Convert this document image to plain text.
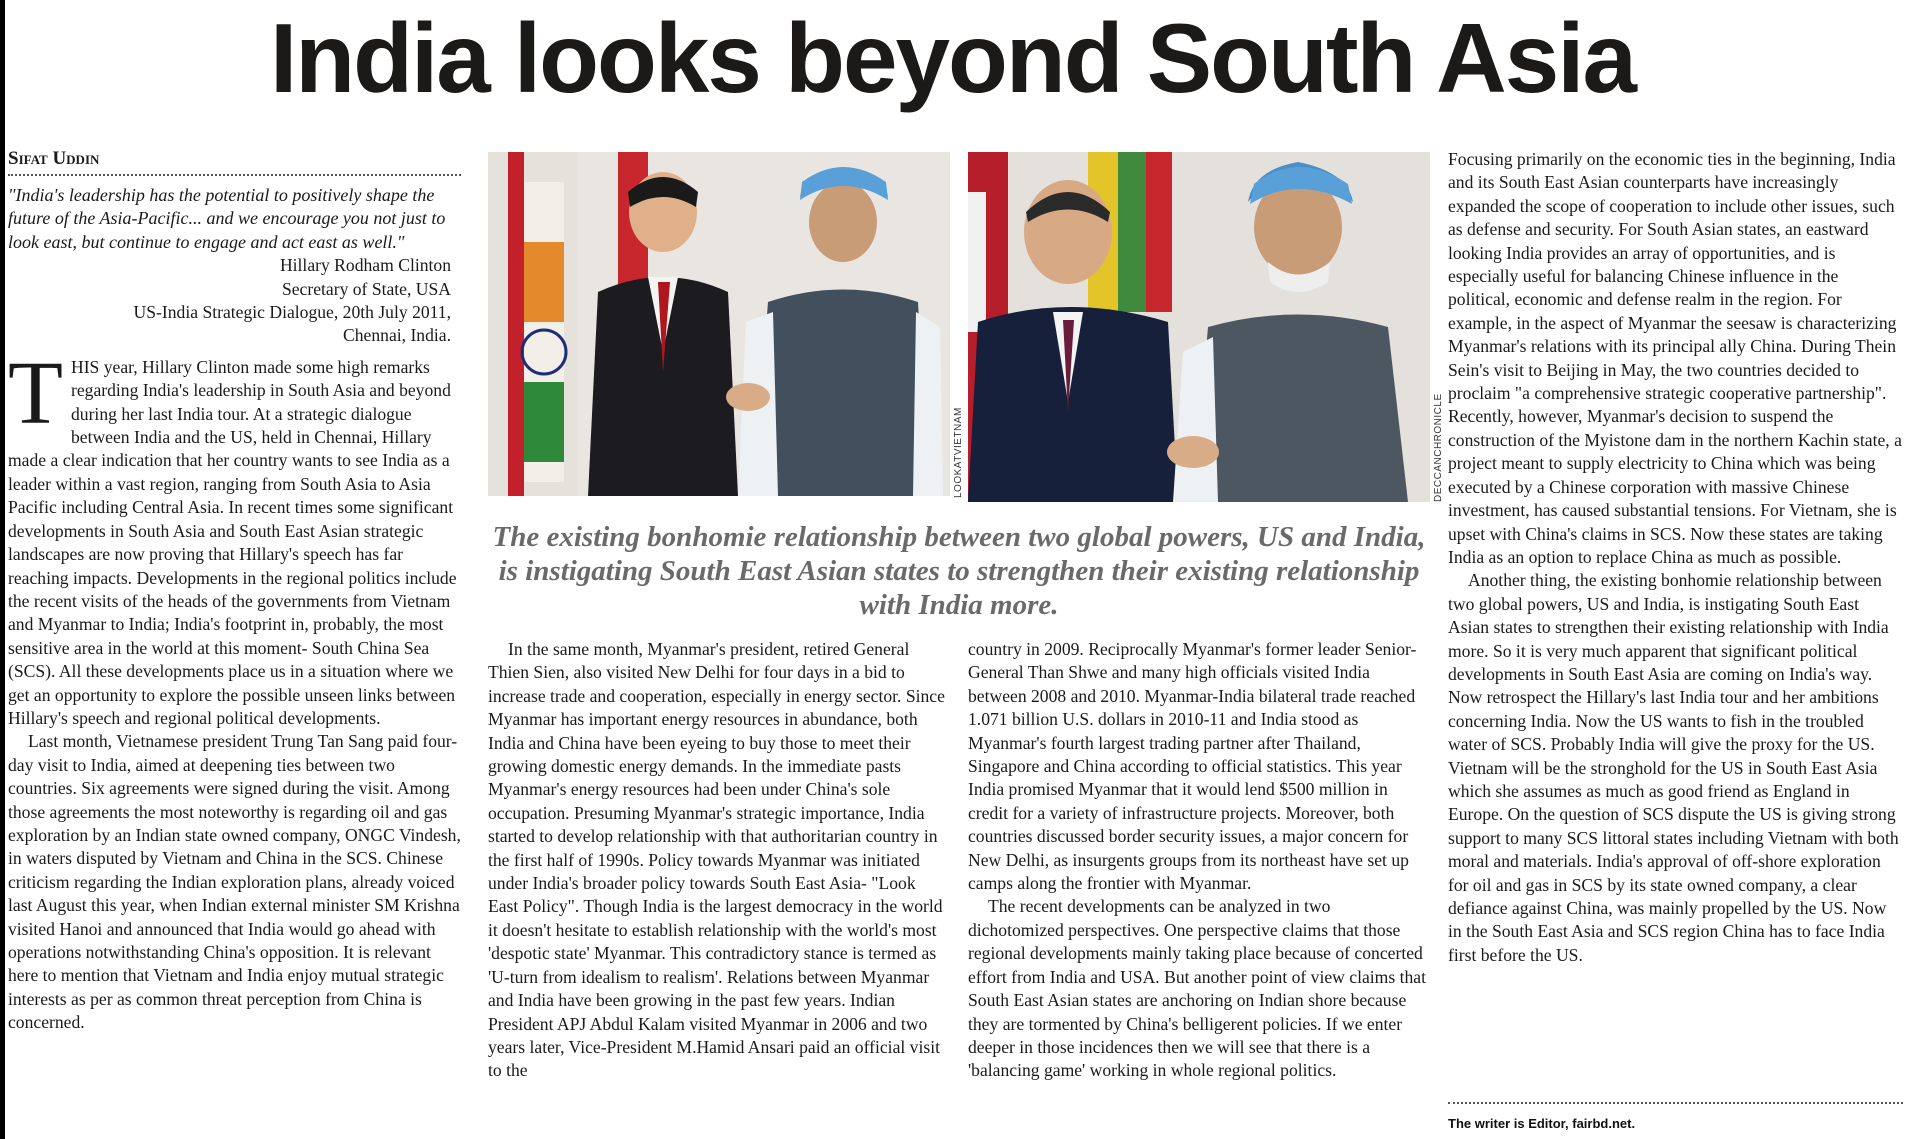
India looks beyond South Asia
Sifat Uddin
"India's leadership has the potential to positively shape the future of the Asia-Pacific... and we encourage you not just to look east, but continue to engage and act east as well."
Hillary Rodham Clinton
Secretary of State, USA
US-India Strategic Dialogue, 20th July 2011,
Chennai, India.

THIS year, Hillary Clinton made some high remarks regarding India's leadership in South Asia and beyond during her last India tour. At a strategic dialogue between India and the US, held in Chennai, Hillary made a clear indication that her country wants to see India as a leader within a vast region, ranging from South Asia to Asia Pacific including Central Asia. In recent times some significant developments in South Asia and South East Asian strategic landscapes are now proving that Hillary's speech has far reaching impacts. Developments in the regional politics include the recent visits of the heads of the governments from Vietnam and Myanmar to India; India's footprint in, probably, the most sensitive area in the world at this moment- South China Sea (SCS). All these developments place us in a situation where we get an opportunity to explore the possible unseen links between Hillary's speech and regional political developments.

Last month, Vietnamese president Trung Tan Sang paid four-day visit to India, aimed at deepening ties between two countries. Six agreements were signed during the visit. Among those agreements the most noteworthy is regarding oil and gas exploration by an Indian state owned company, ONGC Vindesh, in waters disputed by Vietnam and China in the SCS. Chinese criticism regarding the Indian exploration plans, already voiced last August this year, when Indian external minister SM Krishna visited Hanoi and announced that India would go ahead with operations notwithstanding China's opposition. It is relevant here to mention that Vietnam and India enjoy mutual strategic interests as per as common threat perception from China is concerned.

LOOKATVIETNAM	DECCANCHRONICLE
The existing bonhomie relationship between two global powers, US and India, is instigating South East Asian states to strengthen their existing relationship with India more.

In the same month, Myanmar's president, retired General Thien Sien, also visited New Delhi for four days in a bid to increase trade and cooperation, especially in energy sector. Since Myanmar has important energy resources in abundance, both India and China have been eyeing to buy those to meet their growing domestic energy demands. In the immediate pasts Myanmar's energy resources had been under China's sole occupation. Presuming Myanmar's strategic importance, India started to develop relationship with that authoritarian country in the first half of 1990s. Policy towards Myanmar was initiated under India's broader policy towards South East Asia- "Look East Policy". Though India is the largest democracy in the world it doesn't hesitate to establish relationship with the world's most 'despotic state' Myanmar. This contradictory stance is termed as 'U-turn from idealism to realism'. Relations between Myanmar and India have been growing in the past few years. Indian President APJ Abdul Kalam visited Myanmar in 2006 and two years later, Vice-President M.Hamid Ansari paid an official visit to the

country in 2009. Reciprocally Myanmar's former leader Senior-General Than Shwe and many high officials visited India between 2008 and 2010. Myanmar-India bilateral trade reached 1.071 billion U.S. dollars in 2010-11 and India stood as Myanmar's fourth largest trading partner after Thailand, Singapore and China according to official statistics. This year India promised Myanmar that it would lend $500 million in credit for a variety of infrastructure projects. Moreover, both countries discussed border security issues, a major concern for New Delhi, as insurgents groups from its northeast have set up camps along the frontier with Myanmar.

The recent developments can be analyzed in two dichotomized perspectives. One perspective claims that those regional developments mainly taking place because of concerted effort from India and USA. But another point of view claims that South East Asian states are anchoring on Indian shore because they are tormented by China's belligerent policies. If we enter deeper in those incidences then we will see that there is a 'balancing game' working in whole regional politics.

Focusing primarily on the economic ties in the beginning, India and its South East Asian counterparts have increasingly expanded the scope of cooperation to include other issues, such as defense and security. For South Asian states, an eastward looking India provides an array of opportunities, and is especially useful for balancing Chinese influence in the political, economic and defense realm in the region. For example, in the aspect of Myanmar the seesaw is characterizing Myanmar's relations with its principal ally China. During Thein Sein's visit to Beijing in May, the two countries decided to proclaim "a comprehensive strategic cooperative partnership". Recently, however, Myanmar's decision to suspend the construction of the Myistone dam in the northern Kachin state, a project meant to supply electricity to China which was being executed by a Chinese corporation with massive Chinese investment, has caused substantial tensions. For Vietnam, she is upset with China's claims in SCS. Now these states are taking India as an option to replace China as much as possible.

Another thing, the existing bonhomie relationship between two global powers, US and India, is instigating South East Asian states to strengthen their existing relationship with India more. So it is very much apparent that significant political developments in South East Asia are coming on India's way. Now retrospect the Hillary's last India tour and her ambitions concerning India. Now the US wants to fish in the troubled water of SCS. Probably India will give the proxy for the US. Vietnam will be the stronghold for the US in South East Asia which she assumes as much as good friend as England in Europe. On the question of SCS dispute the US is giving strong support to many SCS littoral states including Vietnam with both moral and materials. India's approval of off-shore exploration for oil and gas in SCS by its state owned company, a clear defiance against China, was mainly propelled by the US. Now in the South East Asia and SCS region China has to face India first before the US.

The writer is Editor, fairbd.net.
